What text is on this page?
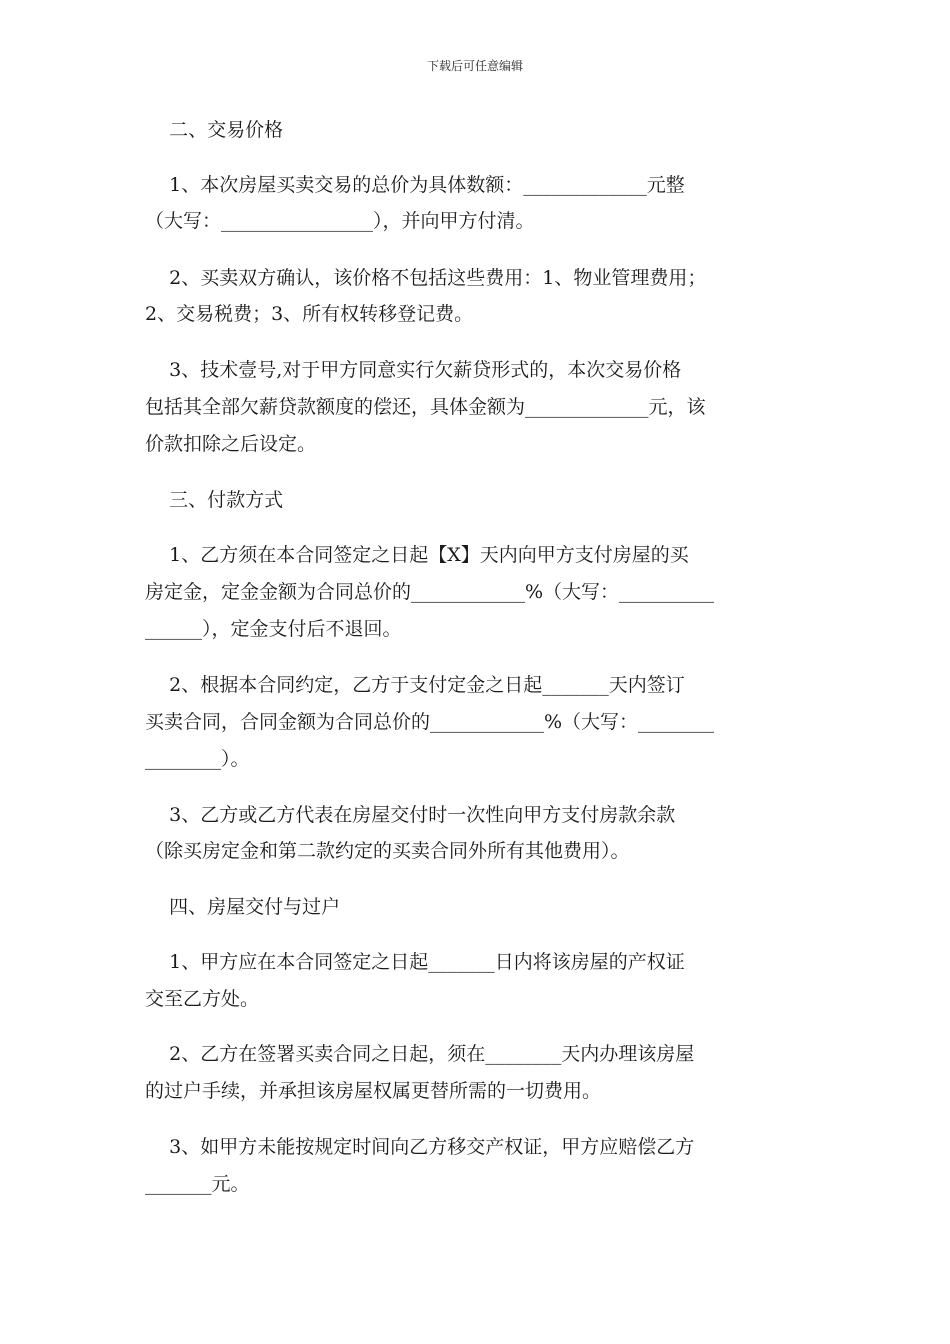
下载后可任意编辑
二、交易价格
1、本次房屋买卖交易的总价为具体数额：_____________元整
（大写：________________），并向甲方付清。
2、买卖双方确认，该价格不包括这些费用：1、物业管理费用；
2、交易税费；3、所有权转移登记费。
3、技术壹号,对于甲方同意实行欠薪贷形式的，本次交易价格
包括其全部欠薪贷款额度的偿还，具体金额为_____________元，该
价款扣除之后设定。
三、付款方式
1、乙方须在本合同签定之日起【X】天内向甲方支付房屋的买
房定金，定金金额为合同总价的____________%（大写：__________
______），定金支付后不退回。
2、根据本合同约定，乙方于支付定金之日起_______天内签订
买卖合同，合同金额为合同总价的____________%（大写：________
________）。
3、乙方或乙方代表在房屋交付时一次性向甲方支付房款余款
（除买房定金和第二款约定的买卖合同外所有其他费用）。
四、房屋交付与过户
1、甲方应在本合同签定之日起_______日内将该房屋的产权证
交至乙方处。
2、乙方在签署买卖合同之日起，须在________天内办理该房屋
的过户手续，并承担该房屋权属更替所需的一切费用。
3、如甲方未能按规定时间向乙方移交产权证，甲方应赔偿乙方
_______元。
